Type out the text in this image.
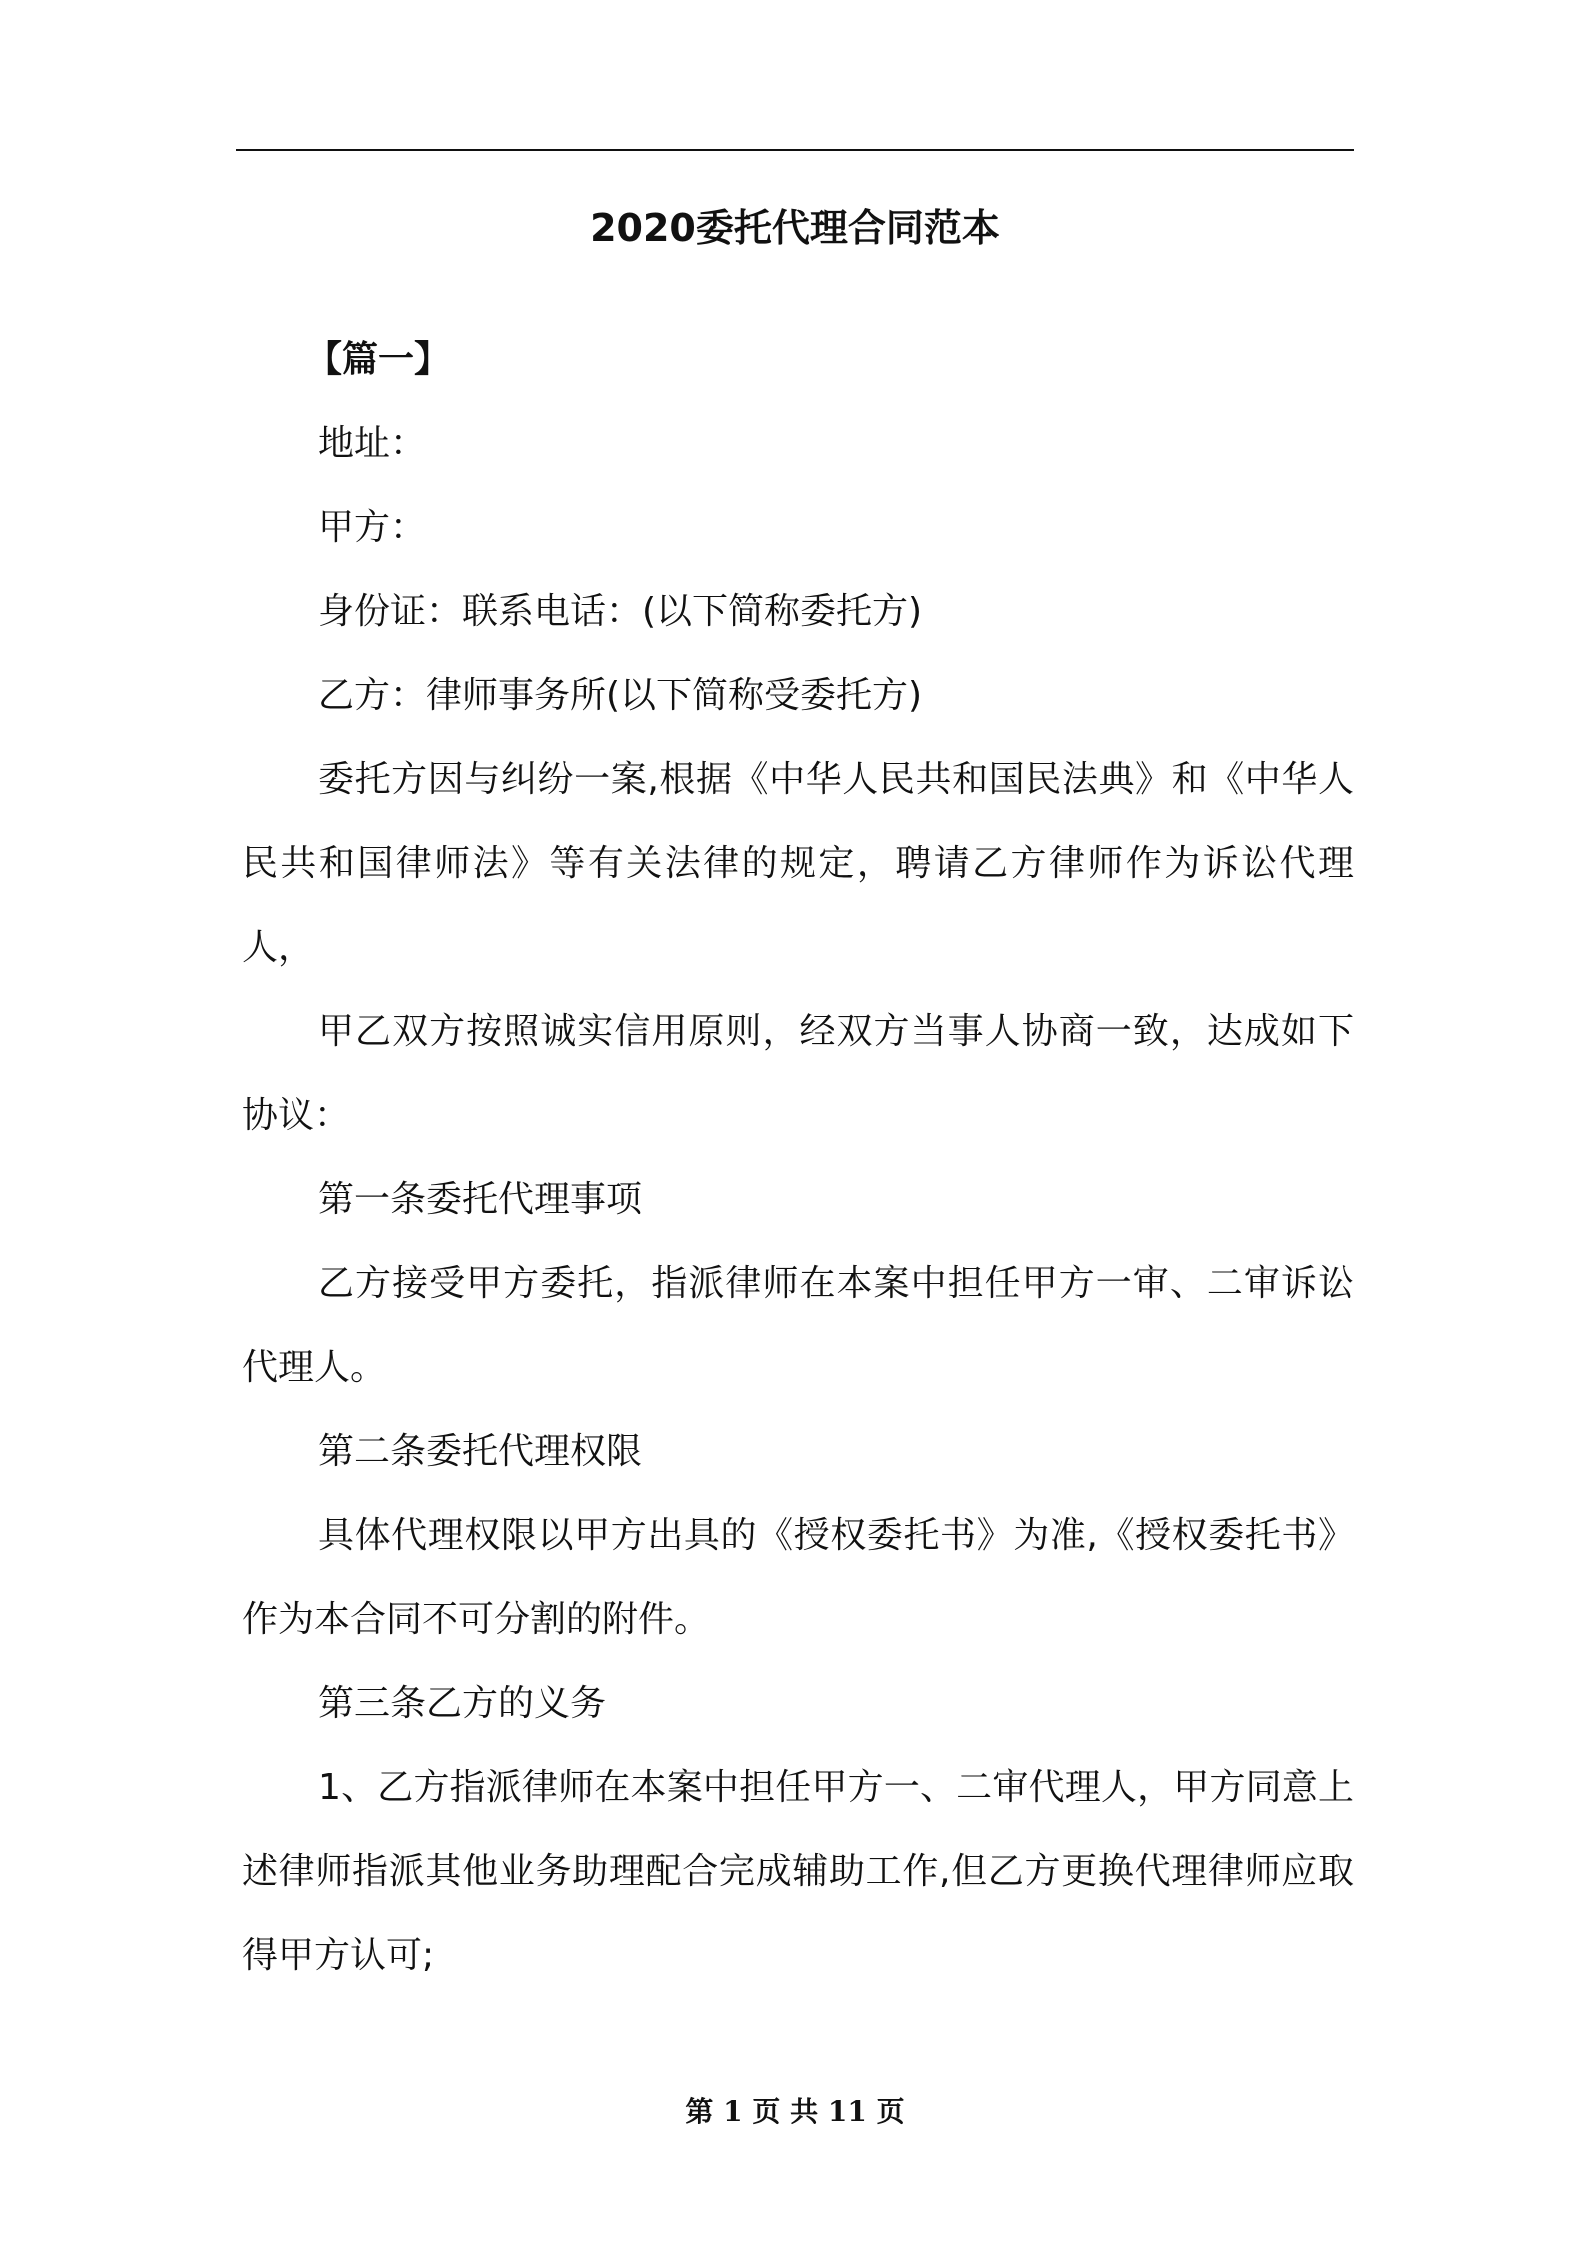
2020委托代理合同范本

【篇一】

地址：

甲方：

身份证：联系电话：(以下简称委托方)

乙方：律师事务所(以下简称受委托方)

委托方因与纠纷一案,根据《中华人民共和国民法典》和《中华人民共和国律师法》等有关法律的规定，聘请乙方律师作为诉讼代理人，

甲乙双方按照诚实信用原则，经双方当事人协商一致，达成如下协议：

第一条委托代理事项

乙方接受甲方委托，指派律师在本案中担任甲方一审、二审诉讼代理人。

第二条委托代理权限

具体代理权限以甲方出具的《授权委托书》为准,《授权委托书》作为本合同不可分割的附件。

第三条乙方的义务

1、乙方指派律师在本案中担任甲方一、二审代理人，甲方同意上述律师指派其他业务助理配合完成辅助工作,但乙方更换代理律师应取得甲方认可;

第 1 页 共 11 页
